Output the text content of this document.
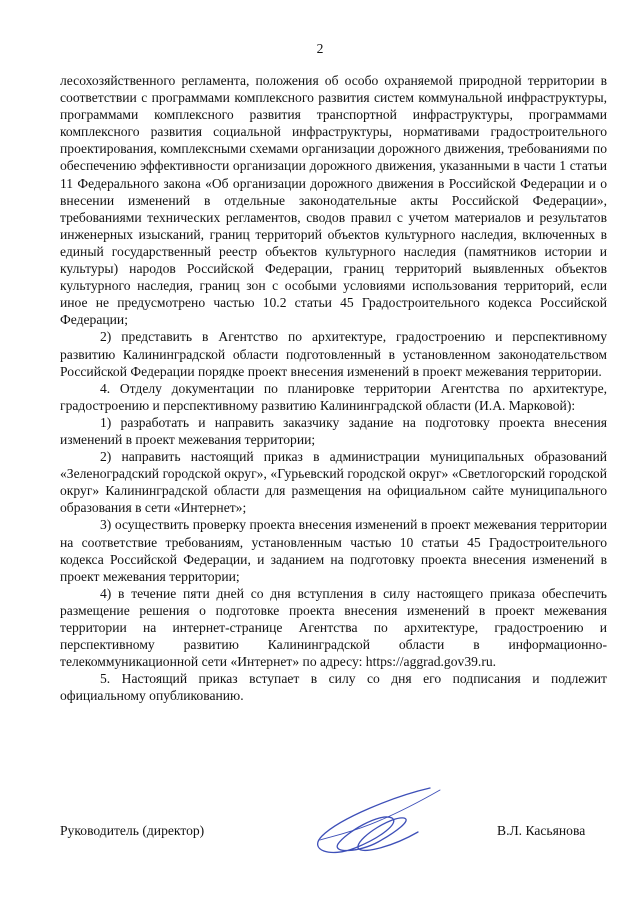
2

лесохозяйственного регламента, положения об особо охраняемой природной территории в соответствии с программами комплексного развития систем коммунальной инфраструктуры, программами комплексного развития транспортной инфраструктуры, программами комплексного развития социальной инфраструктуры, нормативами градостроительного проектирования, комплексными схемами организации дорожного движения, требованиями по обеспечению эффективности организации дорожного движения, указанными в части 1 статьи 11 Федерального закона «Об организации дорожного движения в Российской Федерации и о внесении изменений в отдельные законодательные акты Российской Федерации», требованиями технических регламентов, сводов правил с учетом материалов и результатов инженерных изысканий, границ территорий объектов культурного наследия, включенных в единый государственный реестр объектов культурного наследия (памятников истории и культуры) народов Российской Федерации, границ территорий выявленных объектов культурного наследия, границ зон с особыми условиями использования территорий, если иное не предусмотрено частью 10.2 статьи 45 Градостроительного кодекса Российской Федерации;

2) представить в Агентство по архитектуре, градостроению и перспективному развитию Калининградской области подготовленный в установленном законодательством Российской Федерации порядке проект внесения изменений в проект межевания территории.

4. Отделу документации по планировке территории Агентства по архитектуре, градостроению и перспективному развитию Калининградской области (И.А. Марковой):

1) разработать и направить заказчику задание на подготовку проекта внесения изменений в проект межевания территории;

2) направить настоящий приказ в администрации муниципальных образований «Зеленоградский городской округ», «Гурьевский городской округ» «Светлогорский городской округ» Калининградской области для размещения на официальном сайте муниципального образования в сети «Интернет»;

3) осуществить проверку проекта внесения изменений в проект межевания территории на соответствие требованиям, установленным частью 10 статьи 45 Градостроительного кодекса Российской Федерации, и заданием на подготовку проекта внесения изменений в проект межевания территории;

4) в течение пяти дней со дня вступления в силу настоящего приказа обеспечить размещение решения о подготовке проекта внесения изменений в проект межевания территории на интернет-странице Агентства по архитектуре, градостроению и перспективному развитию Калининградской области в информационно-телекоммуникационной сети «Интернет» по адресу: https://aggrad.gov39.ru.

5. Настоящий приказ вступает в силу со дня его подписания и подлежит официальному опубликованию.

Руководитель (директор)	В.Л. Касьянова
